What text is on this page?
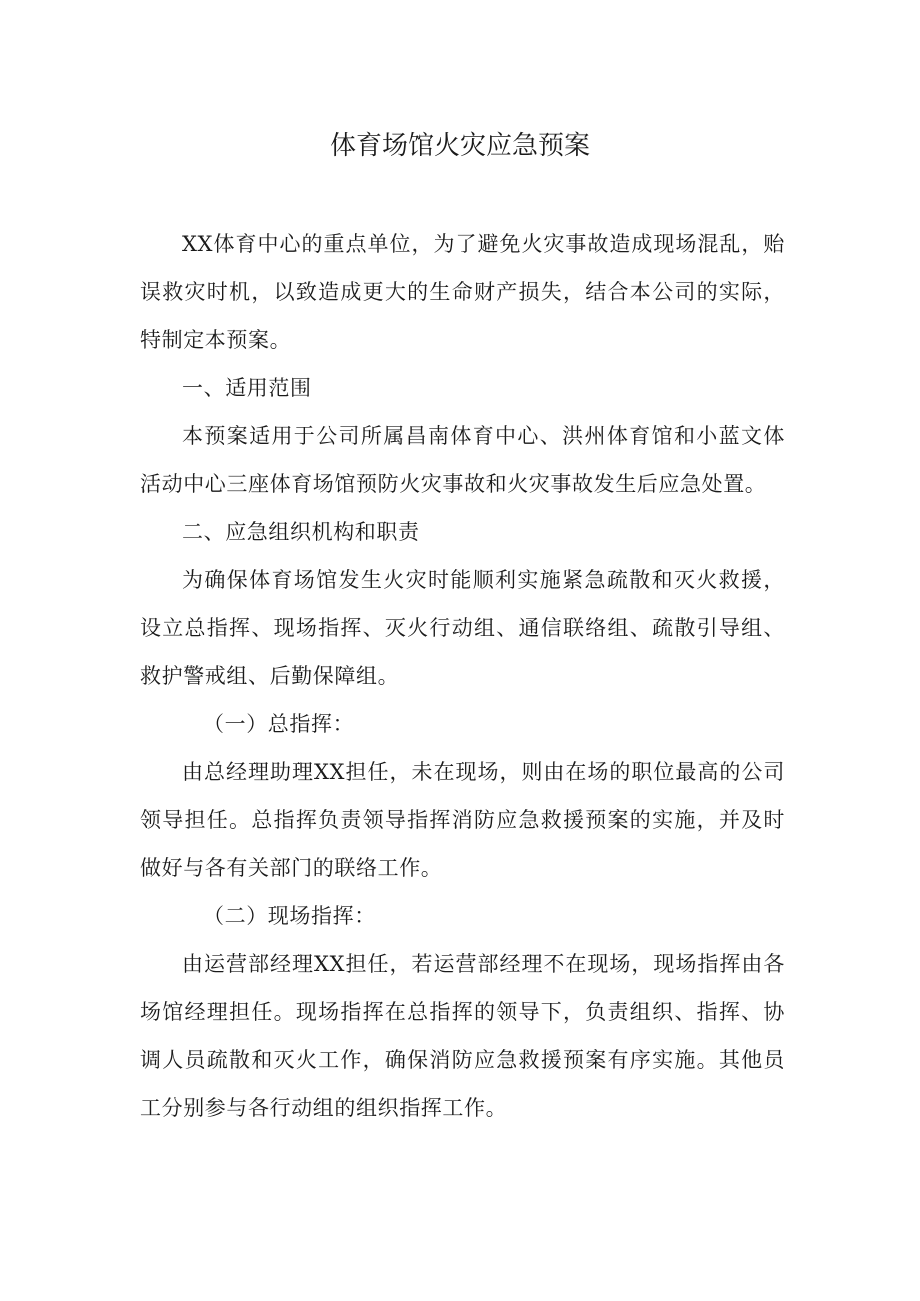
体育场馆火灾应急预案

XX体育中心的重点单位，为了避免火灾事故造成现场混乱，贻误救灾时机，以致造成更大的生命财产损失，结合本公司的实际，特制定本预案。

一、适用范围

本预案适用于公司所属昌南体育中心、洪州体育馆和小蓝文体活动中心三座体育场馆预防火灾事故和火灾事故发生后应急处置。

二、应急组织机构和职责

为确保体育场馆发生火灾时能顺利实施紧急疏散和灭火救援，设立总指挥、现场指挥、灭火行动组、通信联络组、疏散引导组、救护警戒组、后勤保障组。

（一）总指挥：

由总经理助理XX担任，未在现场，则由在场的职位最高的公司领导担任。总指挥负责领导指挥消防应急救援预案的实施，并及时做好与各有关部门的联络工作。

（二）现场指挥：

由运营部经理XX担任，若运营部经理不在现场，现场指挥由各场馆经理担任。现场指挥在总指挥的领导下，负责组织、指挥、协调人员疏散和灭火工作，确保消防应急救援预案有序实施。其他员工分别参与各行动组的组织指挥工作。
